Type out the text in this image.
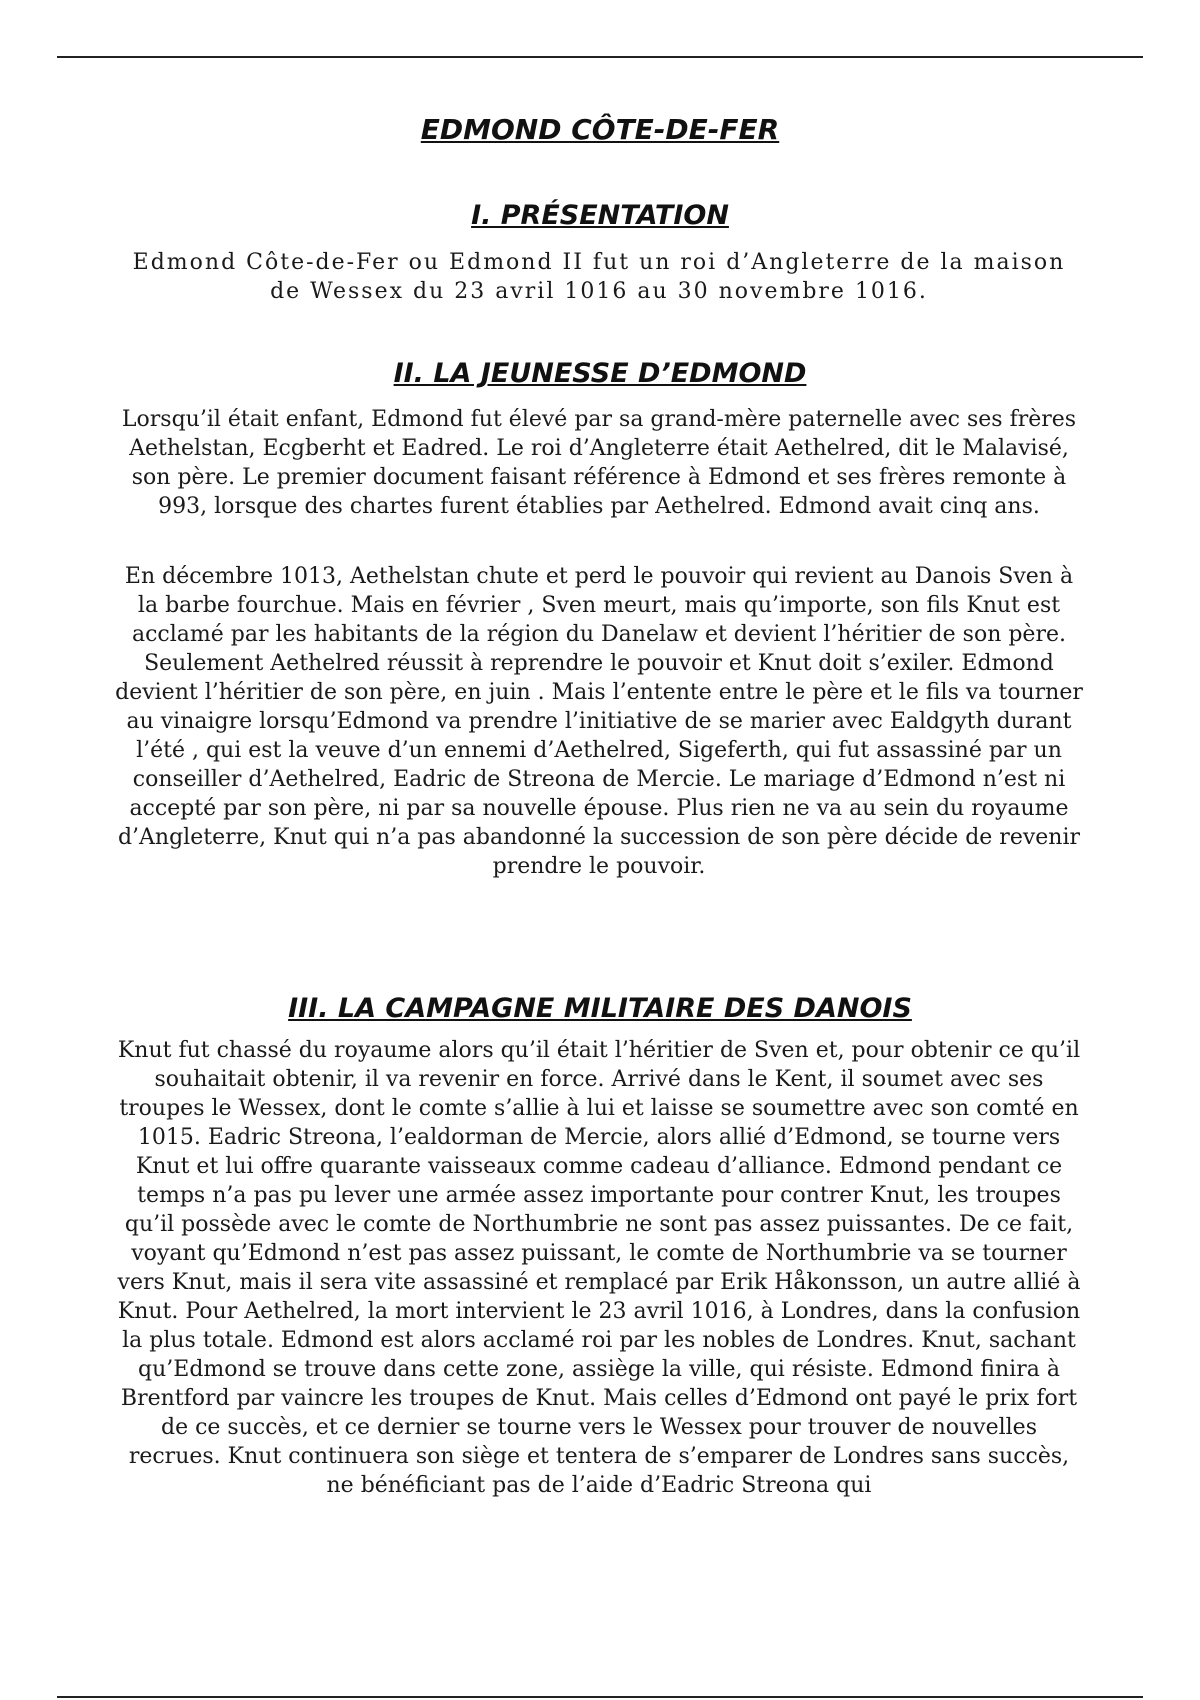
EDMOND CÔTE-DE-FER
I. PRÉSENTATION

Edmond Côte-de-Fer ou Edmond II fut un roi d’Angleterre de la maison de Wessex du 23 avril 1016 au 30 novembre 1016.

II. LA JEUNESSE D’EDMOND

Lorsqu’il était enfant, Edmond fut élevé par sa grand-mère paternelle avec ses frères Aethelstan, Ecgberht et Eadred. Le roi d’Angleterre était Aethelred, dit le Malavisé, son père. Le premier document faisant référence à Edmond et ses frères remonte à 993, lorsque des chartes furent établies par Aethelred. Edmond avait cinq ans.

En décembre 1013, Aethelstan chute et perd le pouvoir qui revient au Danois Sven à la barbe fourchue. Mais en février , Sven meurt, mais qu’importe, son fils Knut est acclamé par les habitants de la région du Danelaw et devient l’héritier de son père. Seulement Aethelred réussit à reprendre le pouvoir et Knut doit s’exiler. Edmond devient l’héritier de son père, en juin . Mais l’entente entre le père et le fils va tourner au vinaigre lorsqu’Edmond va prendre l’initiative de se marier avec Ealdgyth durant l’été , qui est la veuve d’un ennemi d’Aethelred, Sigeferth, qui fut assassiné par un conseiller d’Aethelred, Eadric de Streona de Mercie. Le mariage d’Edmond n’est ni accepté par son père, ni par sa nouvelle épouse. Plus rien ne va au sein du royaume d’Angleterre, Knut qui n’a pas abandonné la succession de son père décide de revenir prendre le pouvoir.

III. LA CAMPAGNE MILITAIRE DES DANOIS

Knut fut chassé du royaume alors qu’il était l’héritier de Sven et, pour obtenir ce qu’il souhaitait obtenir, il va revenir en force. Arrivé dans le Kent, il soumet avec ses troupes le Wessex, dont le comte s’allie à lui et laisse se soumettre avec son comté en 1015. Eadric Streona, l’ealdorman de Mercie, alors allié d’Edmond, se tourne vers Knut et lui offre quarante vaisseaux comme cadeau d’alliance. Edmond pendant ce temps n’a pas pu lever une armée assez importante pour contrer Knut, les troupes qu’il possède avec le comte de Northumbrie ne sont pas assez puissantes. De ce fait, voyant qu’Edmond n’est pas assez puissant, le comte de Northumbrie va se tourner vers Knut, mais il sera vite assassiné et remplacé par Erik Håkonsson, un autre allié à Knut. Pour Aethelred, la mort intervient le 23 avril 1016, à Londres, dans la confusion la plus totale. Edmond est alors acclamé roi par les nobles de Londres. Knut, sachant qu’Edmond se trouve dans cette zone, assiège la ville, qui résiste. Edmond finira à Brentford par vaincre les troupes de Knut. Mais celles d’Edmond ont payé le prix fort de ce succès, et ce dernier se tourne vers le Wessex pour trouver de nouvelles recrues. Knut continuera son siège et tentera de s’emparer de Londres sans succès, ne bénéficiant pas de l’aide d’Eadric Streona qui
